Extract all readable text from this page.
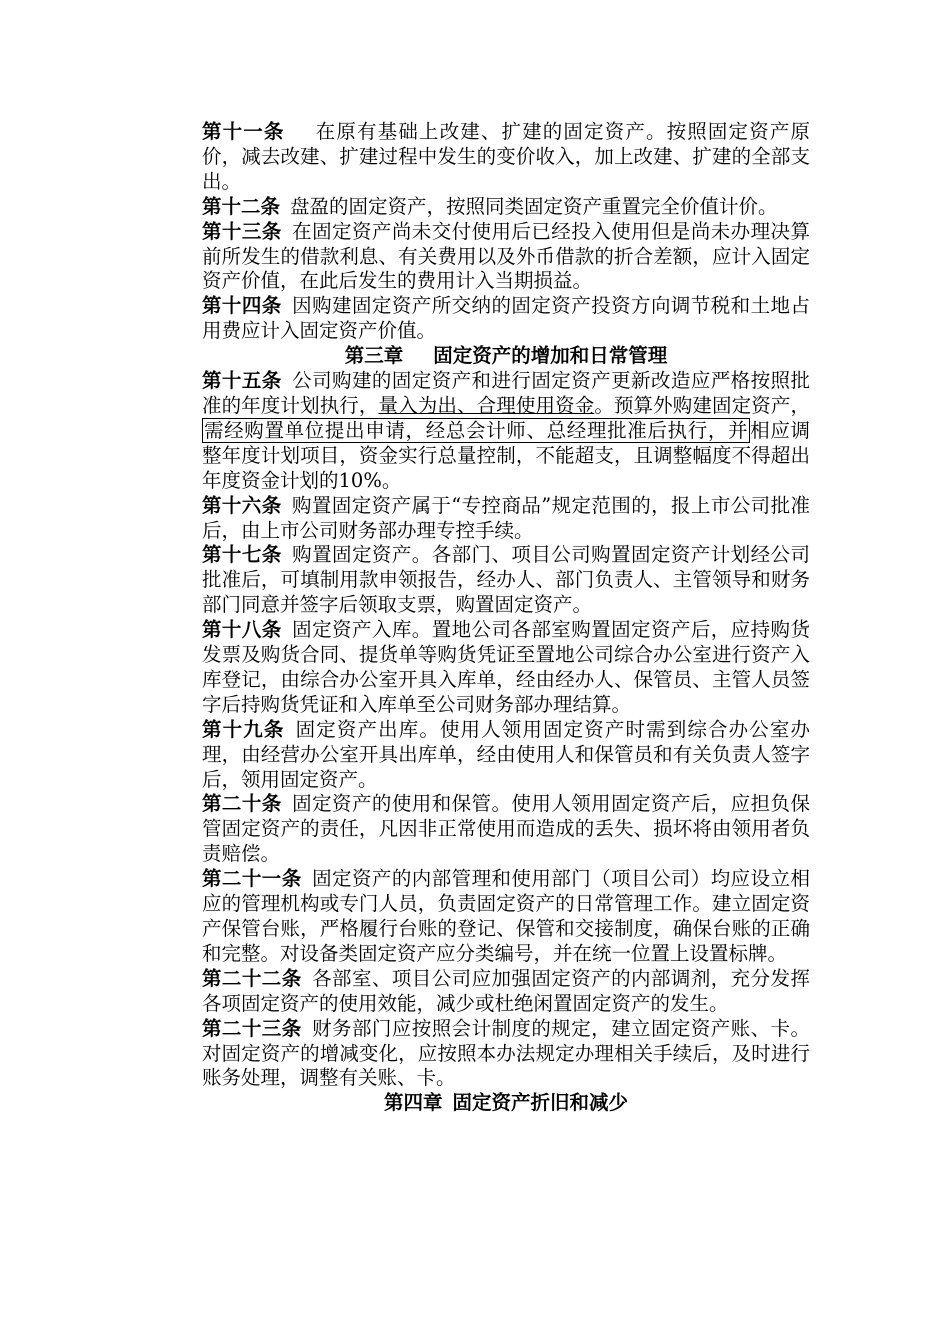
第十一条 在原有基础上改建、扩建的固定资产。按照固定资产原价，减去改建、扩建过程中发生的变价收入，加上改建、扩建的全部支出。

第十二条 盘盈的固定资产，按照同类固定资产重置完全价值计价。

第十三条 在固定资产尚未交付使用后已经投入使用但是尚未办理决算前所发生的借款利息、有关费用以及外币借款的折合差额，应计入固定资产价值，在此后发生的费用计入当期损益。

第十四条 因购建固定资产所交纳的固定资产投资方向调节税和土地占用费应计入固定资产价值。

第三章 固定资产的增加和日常管理

第十五条 公司购建的固定资产和进行固定资产更新改造应严格按照批准的年度计划执行，量入为出、合理使用资金。预算外购建固定资产，需经购置单位提出申请，经总会计师、总经理批准后执行，并 相应调整年度计划项目，资金实行总量控制，不能超支，且调整幅度不得超出年度资金计划的10%。

第十六条 购置固定资产属于“专控商品”规定范围的，报上市公司批准后，由上市公司财务部办理专控手续。

第十七条 购置固定资产。各部门、项目公司购置固定资产计划经公司批准后，可填制用款申领报告，经办人、部门负责人、主管领导和财务部门同意并签字后领取支票，购置固定资产。

第十八条 固定资产入库。置地公司各部室购置固定资产后，应持购货发票及购货合同、提货单等购货凭证至置地公司综合办公室进行资产入库登记，由综合办公室开具入库单，经由经办人、保管员、主管人员签字后持购货凭证和入库单至公司财务部办理结算。

第十九条 固定资产出库。使用人领用固定资产时需到综合办公室办理，由经营办公室开具出库单，经由使用人和保管员和有关负责人签字后，领用固定资产。

第二十条 固定资产的使用和保管。使用人领用固定资产后，应担负保管固定资产的责任，凡因非正常使用而造成的丢失、损坏将由领用者负责赔偿。

第二十一条 固定资产的内部管理和使用部门（项目公司）均应设立相应的管理机构或专门人员，负责固定资产的日常管理工作。建立固定资产保管台账，严格履行台账的登记、保管和交接制度，确保台账的正确和完整。对设备类固定资产应分类编号，并在统一位置上设置标牌。

第二十二条 各部室、项目公司应加强固定资产的内部调剂，充分发挥各项固定资产的使用效能，减少或杜绝闲置固定资产的发生。

第二十三条 财务部门应按照会计制度的规定，建立固定资产账、卡。对固定资产的增减变化，应按照本办法规定办理相关手续后，及时进行账务处理，调整有关账、卡。

第四章 固定资产折旧和减少
